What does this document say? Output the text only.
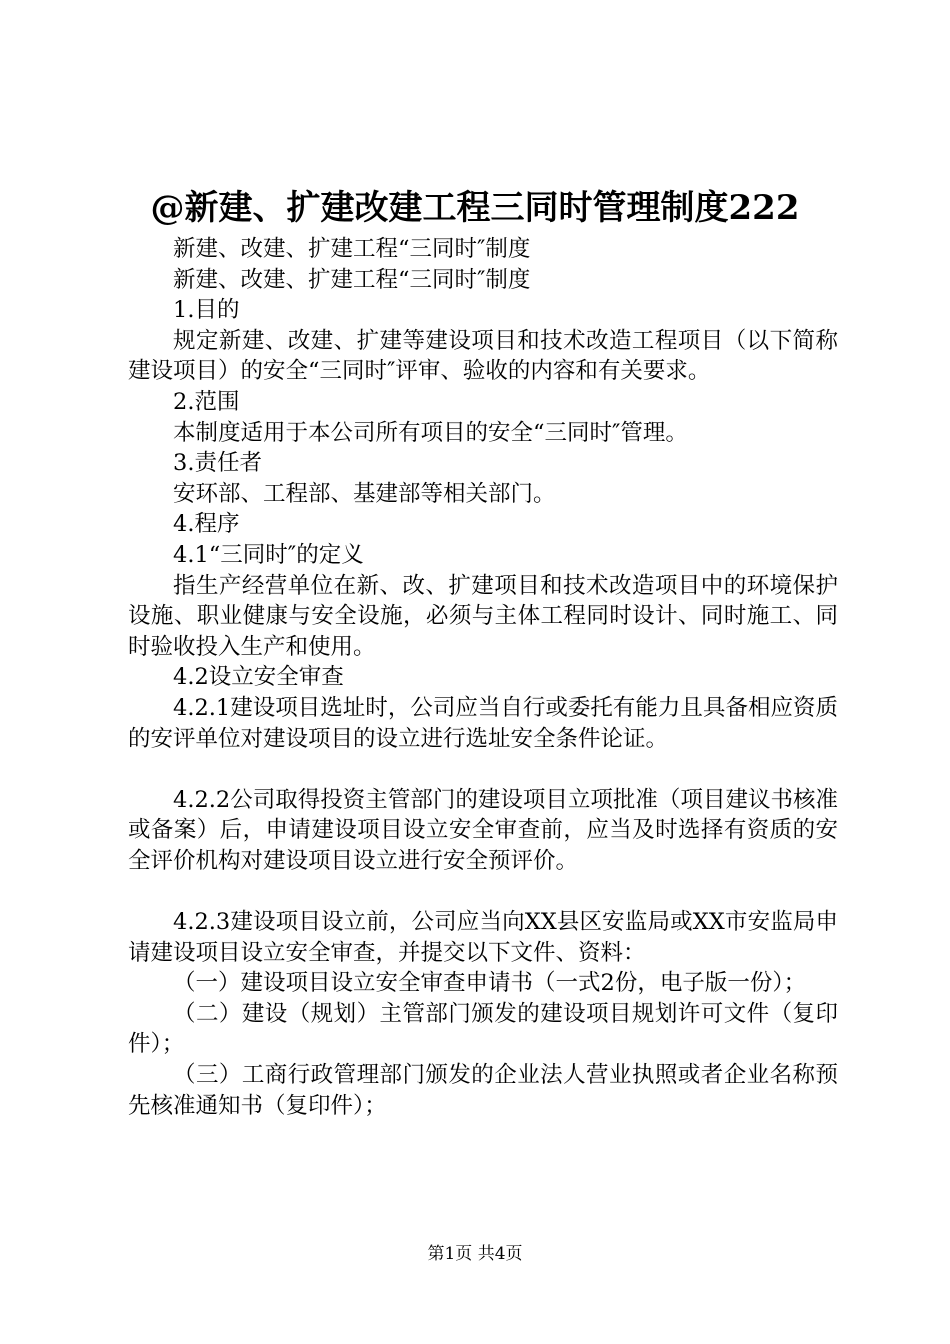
@新建、扩建改建工程三同时管理制度222

新建、改建、扩建工程“三同时″制度

新建、改建、扩建工程“三同时″制度

1.目的

规定新建、改建、扩建等建设项目和技术改造工程项目（以下简称建设项目）的安全“三同时″评审、验收的内容和有关要求。

2.范围

本制度适用于本公司所有项目的安全“三同时″管理。

3.责任者

安环部、工程部、基建部等相关部门。

4.程序

4.1“三同时″的定义

指生产经营单位在新、改、扩建项目和技术改造项目中的环境保护设施、职业健康与安全设施，必须与主体工程同时设计、同时施工、同时验收投入生产和使用。

4.2设立安全审查

4.2.1建设项目选址时，公司应当自行或委托有能力且具备相应资质的安评单位对建设项目的设立进行选址安全条件论证。

4.2.2公司取得投资主管部门的建设项目立项批准（项目建议书核准或备案）后，申请建设项目设立安全审查前，应当及时选择有资质的安全评价机构对建设项目设立进行安全预评价。

4.2.3建设项目设立前，公司应当向XX县区安监局或XX市安监局申请建设项目设立安全审查，并提交以下文件、资料：

（一）建设项目设立安全审查申请书（一式2份，电子版一份）；

（二）建设（规划）主管部门颁发的建设项目规划许可文件（复印件）；

（三）工商行政管理部门颁发的企业法人营业执照或者企业名称预先核准通知书（复印件）；

第1页 共4页
